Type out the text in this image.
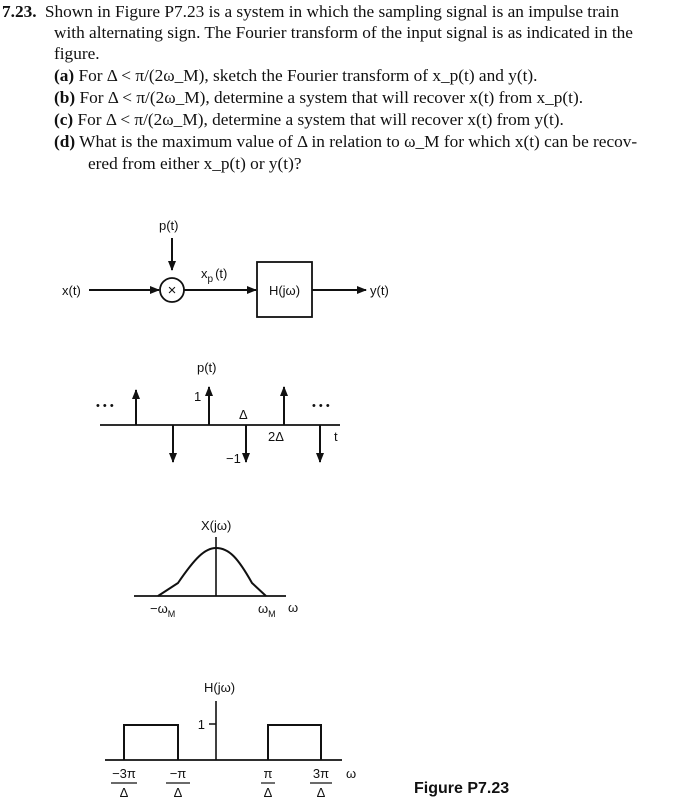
7.23. Shown in Figure P7.23 is a system in which the sampling signal is an impulse train
with alternating sign. The Fourier transform of the input signal is as indicated in the
figure.
(a) For Δ < π/(2ω_M), sketch the Fourier transform of x_p(t) and y(t).
(b) For Δ < π/(2ω_M), determine a system that will recover x(t) from x_p(t).
(c) For Δ < π/(2ω_M), determine a system that will recover x(t) from y(t).
(d) What is the maximum value of Δ in relation to ω_M for which x(t) can be recov-
ered from either x_p(t) or y(t)?
p(t)
x(t)	×
$x_p$ (t)
H(jω)	y(t)
p(t)
t
• • •	• • •
1
−1
Δ
2Δ
X(jω)
$-\omega_M$	$\omega_M$ ω
H(jω)
1
−3π
Δ
−π
Δ
π
Δ
3π
Δ
ω
Figure P7.23
